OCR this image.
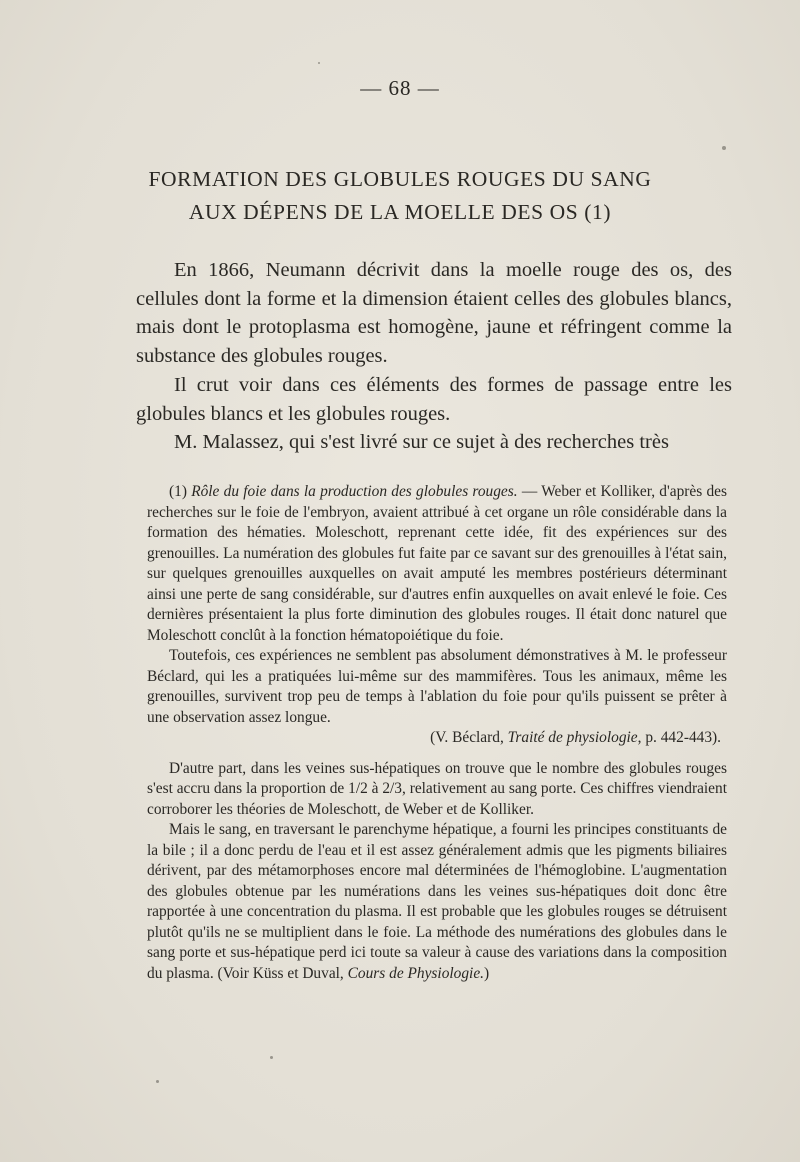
— 68 —
FORMATION DES GLOBULES ROUGES DU SANG
AUX DÉPENS DE LA MOELLE DES OS (1)

En 1866, Neumann décrivit dans la moelle rouge des os, des cellules dont la forme et la dimension étaient celles des globules blancs, mais dont le protoplasma est homogène, jaune et réfringent comme la substance des globules rouges.

Il crut voir dans ces éléments des formes de passage entre les globules blancs et les globules rouges.

M. Malassez, qui s'est livré sur ce sujet à des recherches très

(1) Rôle du foie dans la production des globules rouges. — Weber et Kolliker, d'après des recherches sur le foie de l'embryon, avaient attribué à cet organe un rôle considérable dans la formation des hématies. Moleschott, reprenant cette idée, fit des expériences sur des grenouilles. La numération des globules fut faite par ce savant sur des grenouilles à l'état sain, sur quelques grenouilles auxquelles on avait amputé les membres postérieurs déterminant ainsi une perte de sang considérable, sur d'autres enfin auxquelles on avait enlevé le foie. Ces dernières présentaient la plus forte diminution des globules rouges. Il était donc naturel que Moleschott conclût à la fonction hématopoiétique du foie.

Toutefois, ces expériences ne semblent pas absolument démonstratives à M. le professeur Béclard, qui les a pratiquées lui-même sur des mammifères. Tous les animaux, même les grenouilles, survivent trop peu de temps à l'ablation du foie pour qu'ils puissent se prêter à une observation assez longue.

(V. Béclard, Traité de physiologie, p. 442-443).

D'autre part, dans les veines sus-hépatiques on trouve que le nombre des globules rouges s'est accru dans la proportion de 1/2 à 2/3, relativement au sang porte. Ces chiffres viendraient corroborer les théories de Moleschott, de Weber et de Kolliker.

Mais le sang, en traversant le parenchyme hépatique, a fourni les principes constituants de la bile ; il a donc perdu de l'eau et il est assez généralement admis que les pigments biliaires dérivent, par des métamorphoses encore mal déterminées de l'hémoglobine. L'augmentation des globules obtenue par les numérations dans les veines sus-hépatiques doit donc être rapportée à une concentration du plasma. Il est probable que les globules rouges se détruisent plutôt qu'ils ne se multiplient dans le foie. La méthode des numérations des globules dans le sang porte et sus-hépatique perd ici toute sa valeur à cause des variations dans la composition du plasma. (Voir Küss et Duval, Cours de Physiologie.)
